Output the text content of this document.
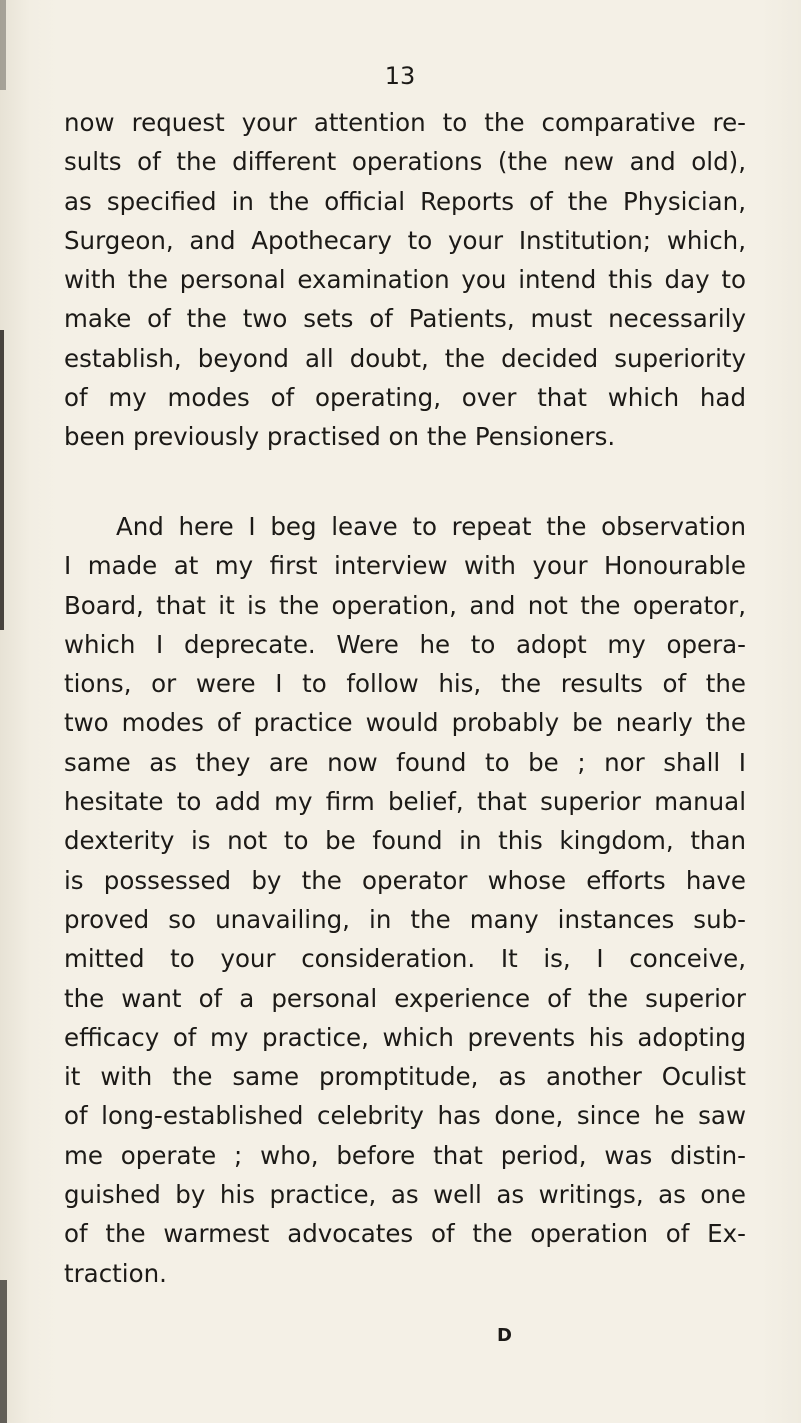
13
now request your attention to the comparative re-
sults of the different operations (the new and old),
as specified in the official Reports of the Physician,
Surgeon, and Apothecary to your Institution; which,
with the personal examination you intend this day to
make of the two sets of Patients, must necessarily
establish, beyond all doubt, the decided superiority
of my modes of operating, over that which had
been previously practised on the Pensioners.
And here I beg leave to repeat the observation
I made at my first interview with your Honourable
Board, that it is the operation, and not the operator,
which I deprecate. Were he to adopt my opera-
tions, or were I to follow his, the results of the
two modes of practice would probably be nearly the
same as they are now found to be ; nor shall I
hesitate to add my firm belief, that superior manual
dexterity is not to be found in this kingdom, than
is possessed by the operator whose efforts have
proved so unavailing, in the many instances sub-
mitted to your consideration. It is, I conceive,
the want of a personal experience of the superior
efficacy of my practice, which prevents his adopting
it with the same promptitude, as another Oculist
of long-established celebrity has done, since he saw
me operate ; who, before that period, was distin-
guished by his practice, as well as writings, as one
of the warmest advocates of the operation of Ex-
traction.
D
